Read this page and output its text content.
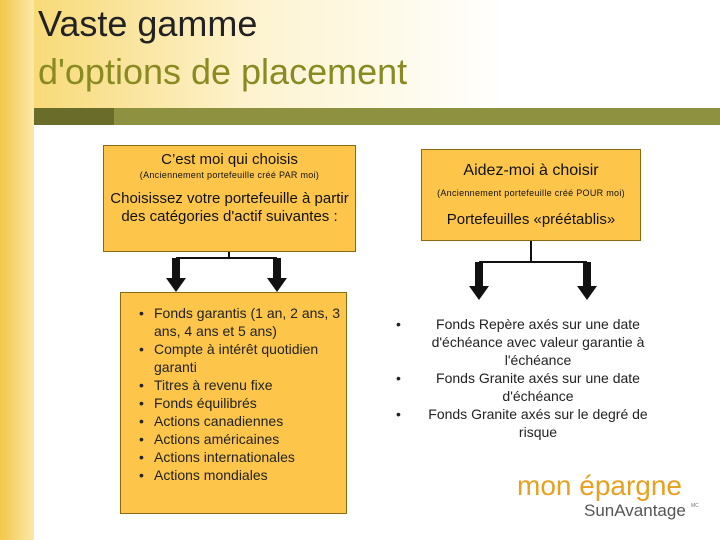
Vaste gamme
d'options de placement
C’est moi qui choisis
(Anciennement portefeuille créé PAR moi)
Choisissez votre portefeuille à partir des catégories d'actif suivantes :
Aidez-moi à choisir
(Anciennement portefeuille créé POUR moi)
Portefeuilles «préétablis»
• Fonds garantis (1 an, 2 ans, 3 ans, 4 ans et 5 ans)
• Compte à intérêt quotidien garanti
• Titres à revenu fixe
• Fonds équilibrés
• Actions canadiennes
• Actions américaines
• Actions internationales
• Actions mondiales
• Fonds Repère axés sur une date d'échéance avec valeur garantie à l'échéance
• Fonds Granite axés sur une date d'échéance
• Fonds Granite axés sur le degré de risque
mon épargne
SunAvantage MC
